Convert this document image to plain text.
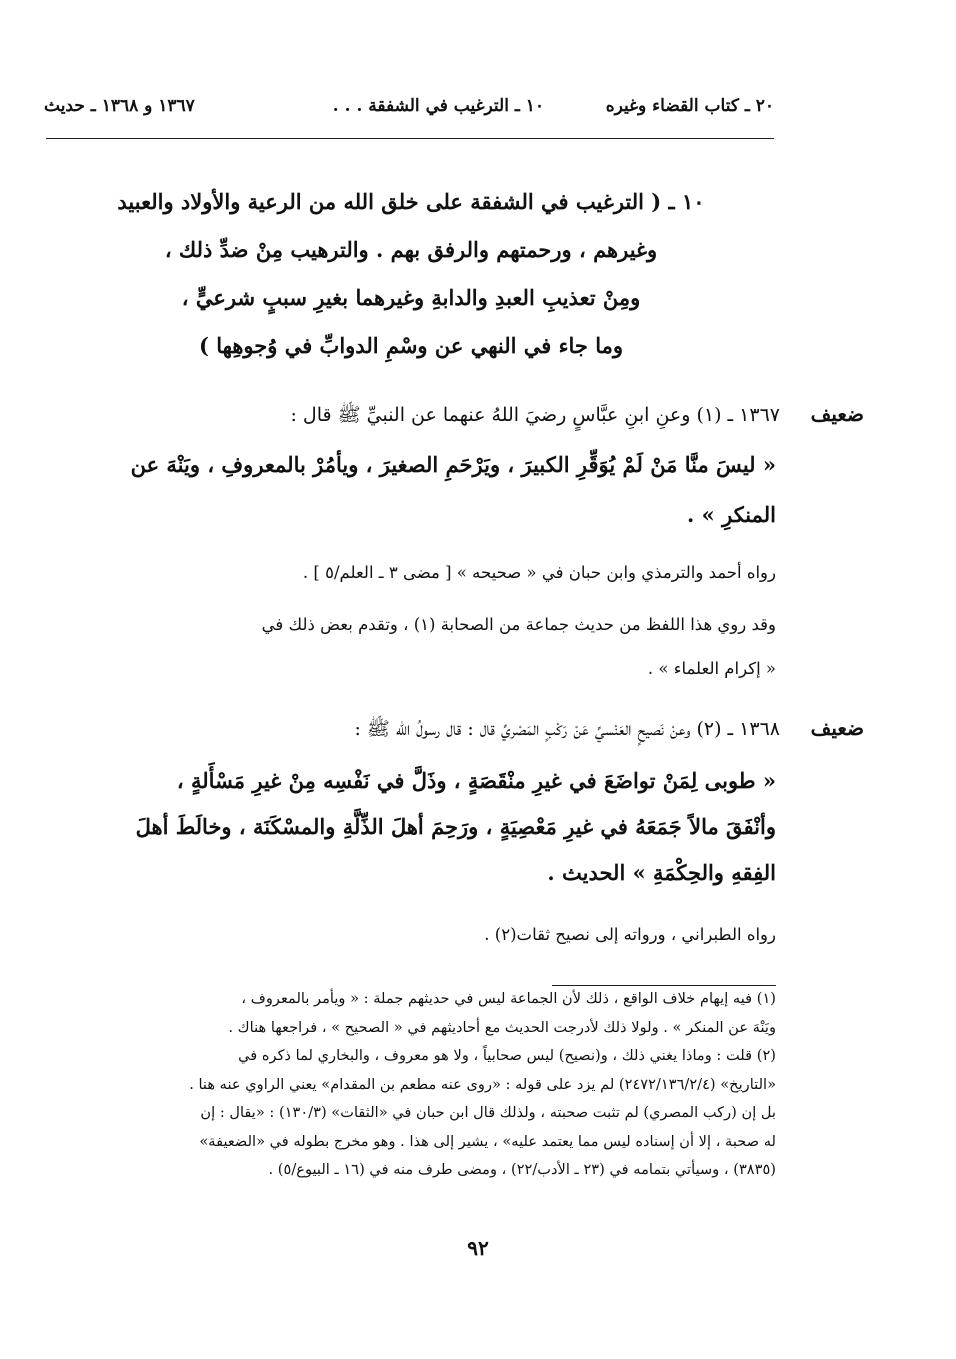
٢٠ ـ كتاب القضاء وغيره
١٠ ـ الترغيب في الشفقة . . .
١٣٦٧ و ١٣٦٨ ـ حديث
١٠ ـ ( الترغيب في الشفقة على خلق الله من الرعية والأولاد والعبيد
وغيرهم ، ورحمتهم والرفق بهم . والترهيب مِنْ ضدِّ ذلك ،
ومِنْ تعذيبِ العبدِ والدابةِ وغيرهما بغيرِ سببٍ شرعيٍّ ،
وما جاء في النهي عن وسْمِ الدوابِّ في وُجوهِها )
ضعيف
١٣٦٧ ـ (١) وعنِ ابنِ عبَّاسٍ رضيَ اللهُ عنهما عن النبيِّ ﷺ قال :
« ليسَ منَّا مَنْ لَمْ يُوَقِّرِ الكبيرَ ، ويَرْحَمِ الصغيرَ ، ويأمُرْ بالمعروفِ ، ويَنْهَ عن
المنكرِ » .
رواه أحمد والترمذي وابن حبان في « صحيحه » [ مضى ٣ ـ العلم/٥ ] .
وقد روي هذا اللفظ من حديث جماعة من الصحابة (١) ، وتقدم بعض ذلك في
« إكرام العلماء » .
ضعيف
١٣٦٨ ـ (٢) وعنْ نَصيحٍ العَنْسيِّ عَنْ رَكْبٍ المَصْريِّ قال : قال رسولُ الله ﷺ :
« طوبى لِمَنْ تواضَعَ في غيرِ منْقَصَةٍ ، وذَلَّ في نَفْسِه مِنْ غيرِ مَسْأَلةٍ ،
وأنْفَقَ مالاً جَمَعَهُ في غيرِ مَعْصِيَةٍ ، ورَحِمَ أهلَ الذِّلَّةِ والمسْكَنَة ، وخالَطَ أهلَ
الفِقهِ والحِكْمَةِ » الحديث .
رواه الطبراني ، ورواته إلى نصيح ثقات(٢) .
(١) فيه إيهام خلاف الواقع ، ذلك لأن الجماعة ليس في حديثهم جملة : « ويأمر بالمعروف ،
ويَنْهَ عن المنكر » . ولولا ذلك لأدرجت الحديث مع أحاديثهم في « الصحيح » ، فراجعها هناك .
(٢) قلت : وماذا يغني ذلك ، و(نصيح) ليس صحابياً ، ولا هو معروف ، والبخاري لما ذكره في
«التاريخ» (٢٤٧٢/١٣٦/٢/٤) لم يزد على قوله : «روى عنه مطعم بن المقدام» يعني الراوي عنه هنا .
بل إن (ركب المصري) لم تثبت صحبته ، ولذلك قال ابن حبان في «الثقات» (١٣٠/٣) : «يقال : إن
له صحبة ، إلا أن إسناده ليس مما يعتمد عليه» ، يشير إلى هذا . وهو مخرج بطوله في «الضعيفة»
(٣٨٣٥) ، وسيأتي بتمامه في (٢٣ ـ الأدب/٢٢) ، ومضى طرف منه في (١٦ ـ البيوع/٥) .
٩٢
